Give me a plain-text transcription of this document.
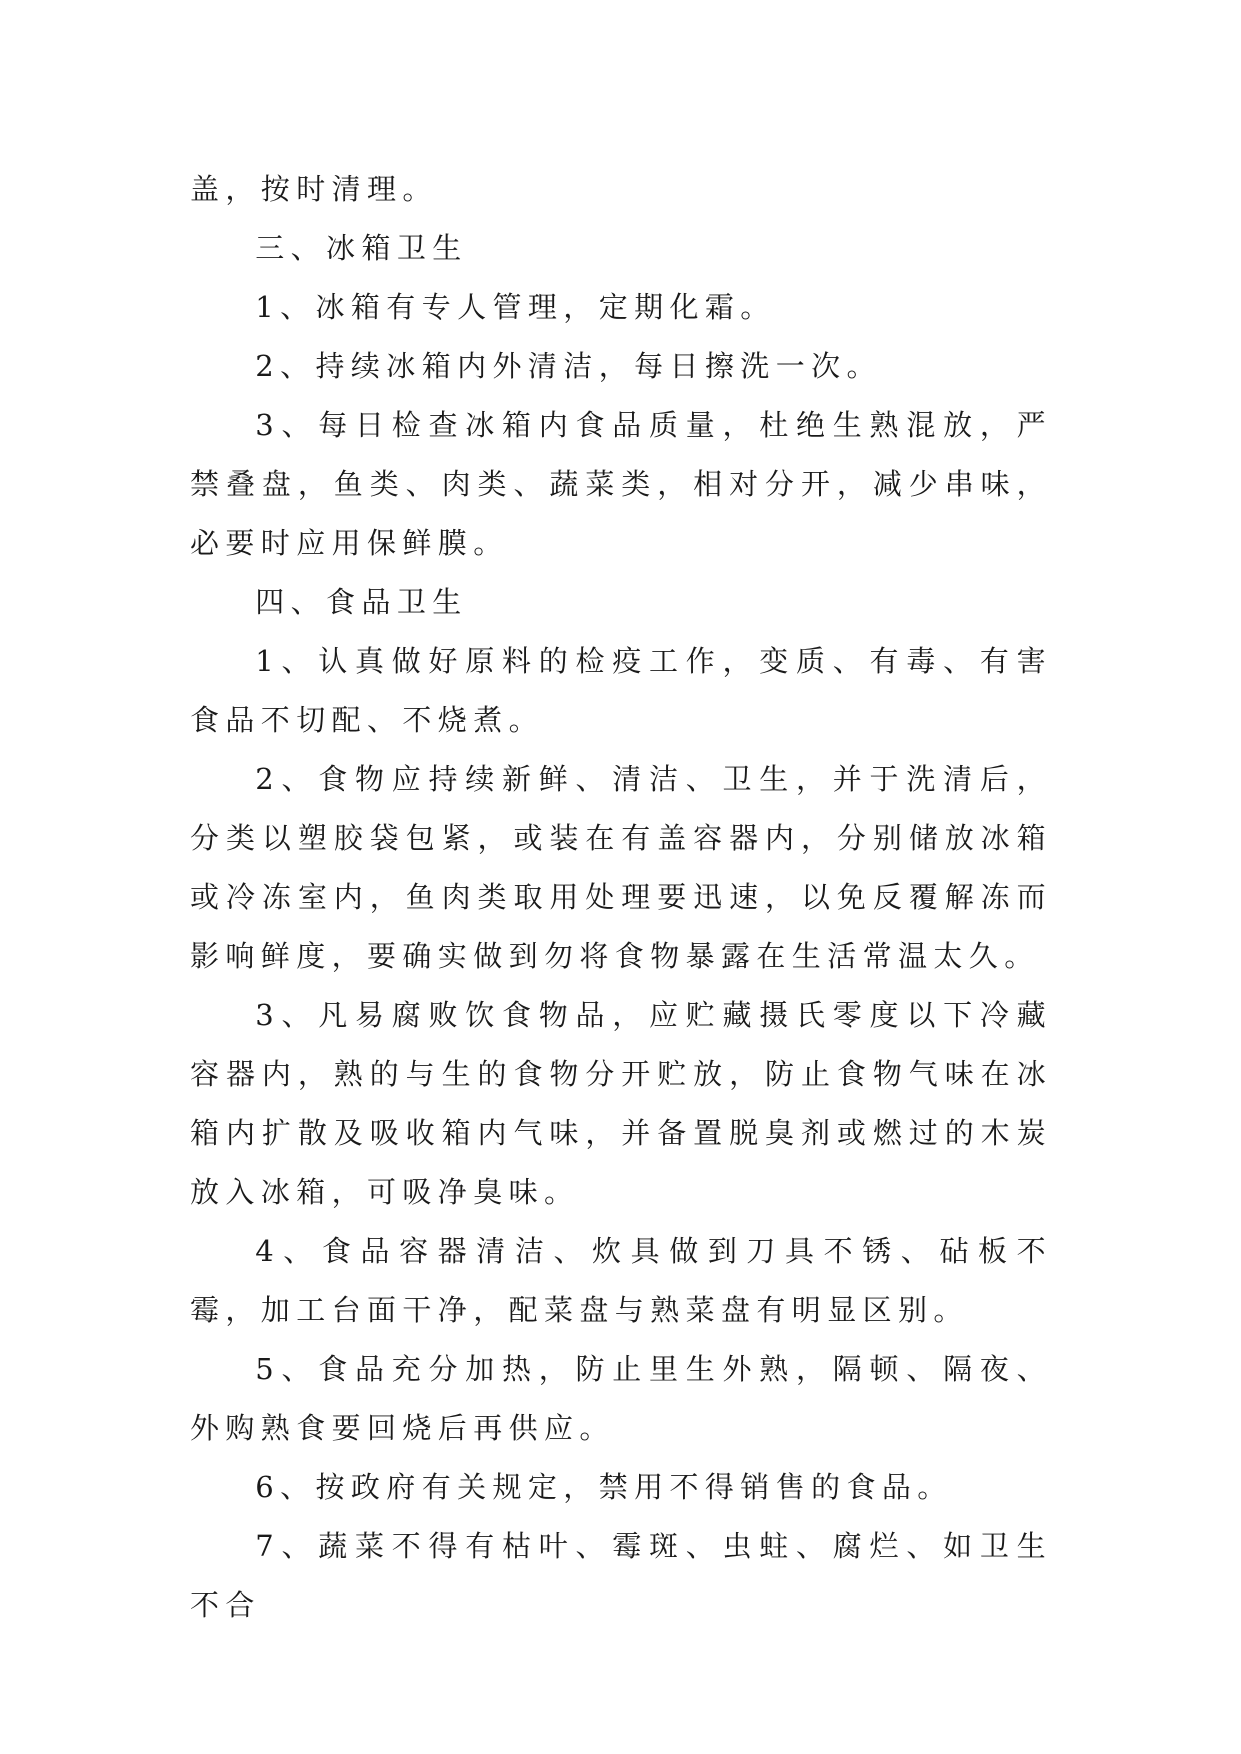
盖，按时清理。

三、冰箱卫生

1、冰箱有专人管理，定期化霜。

2、持续冰箱内外清洁，每日擦洗一次。

3、每日检查冰箱内食品质量，杜绝生熟混放，严禁叠盘，鱼类、肉类、蔬菜类，相对分开，减少串味，必要时应用保鲜膜。

四、食品卫生

1、认真做好原料的检疫工作，变质、有毒、有害食品不切配、不烧煮。

2、食物应持续新鲜、清洁、卫生，并于洗清后，分类以塑胶袋包紧，或装在有盖容器内，分别储放冰箱或冷冻室内，鱼肉类取用处理要迅速，以免反覆解冻而影响鲜度，要确实做到勿将食物暴露在生活常温太久。

3、凡易腐败饮食物品，应贮藏摄氏零度以下冷藏容器内，熟的与生的食物分开贮放，防止食物气味在冰箱内扩散及吸收箱内气味，并备置脱臭剂或燃过的木炭放入冰箱，可吸净臭味。

4、食品容器清洁、炊具做到刀具不锈、砧板不霉，加工台面干净，配菜盘与熟菜盘有明显区别。

5、食品充分加热，防止里生外熟，隔顿、隔夜、外购熟食要回烧后再供应。

6、按政府有关规定，禁用不得销售的食品。

7、蔬菜不得有枯叶、霉斑、虫蛀、腐烂、如卫生不合
